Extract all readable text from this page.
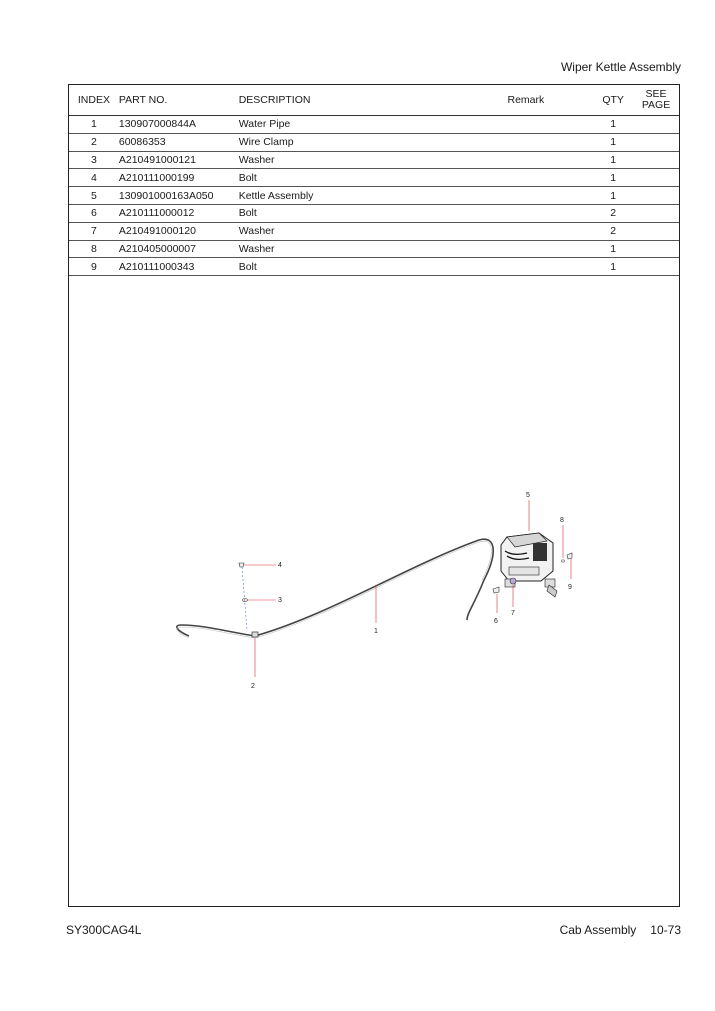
Wiper Kettle Assembly
INDEX	PART NO.	DESCRIPTION	Remark	QTY	SEE
PAGE
1	130907000844A	Water Pipe		1	
2	60086353	Wire Clamp		1	
3	A210491000121	Washer		1	
4	A210111000199	Bolt		1	
5	130901000163A050	Kettle Assembly		1	
6	A210111000012	Bolt		2	
7	A210491000120	Washer		2	
8	A210405000007	Washer		1	
9	A210111000343	Bolt		1	
1
2
3
4
5
6
7
8
9
SY300CAG4L	Cab Assembly 10-73
